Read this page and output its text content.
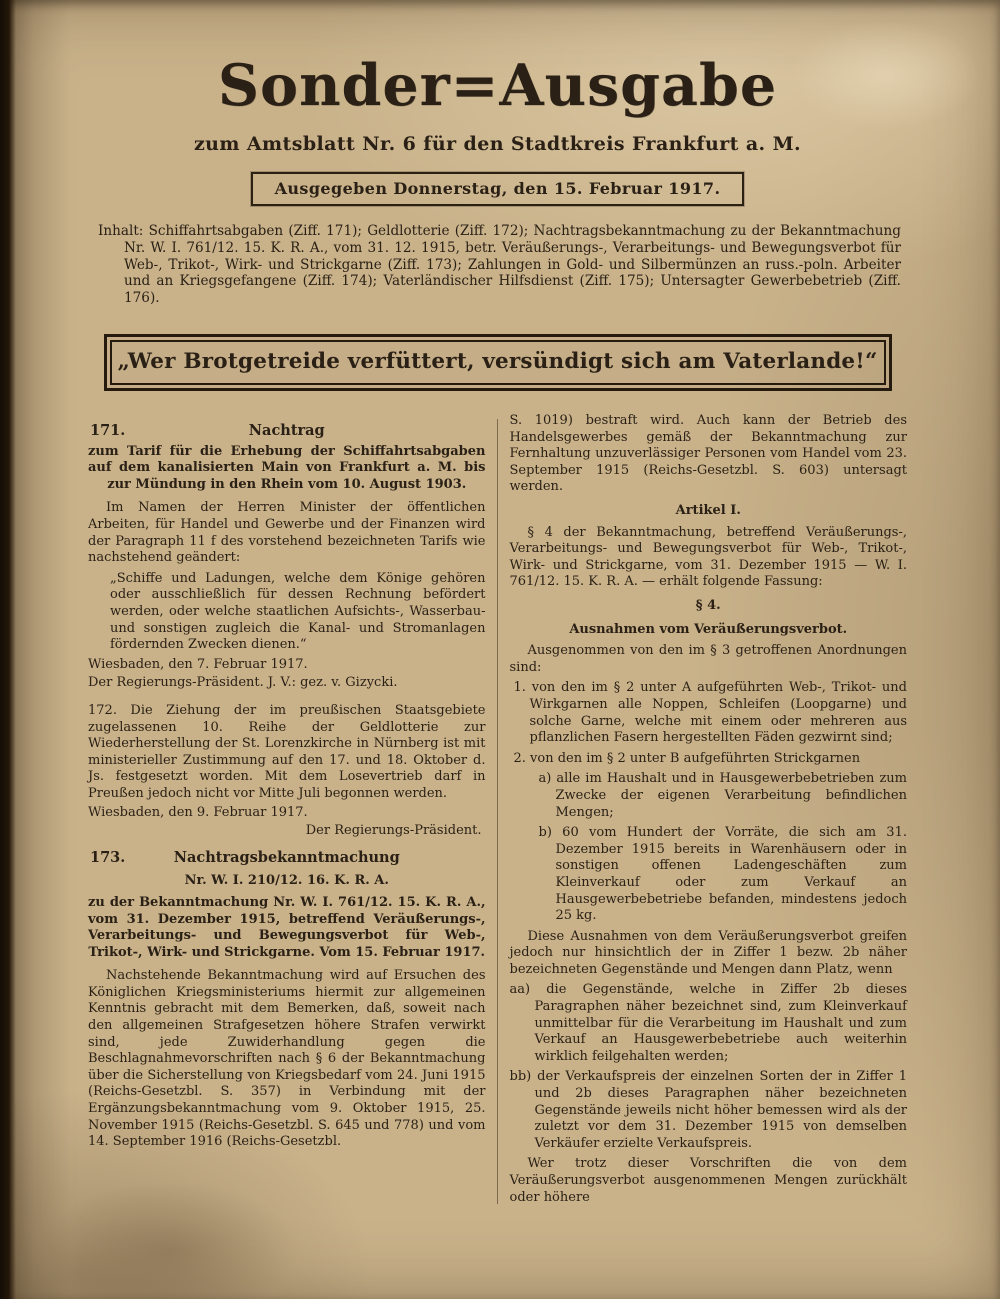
Sonder=Ausgabe
zum Amtsblatt Nr. 6 für den Stadtkreis Frankfurt a. M.
Ausgegeben Donnerstag, den 15. Februar 1917.
Inhalt: Schiffahrtsabgaben (Ziff. 171); Geldlotterie (Ziff. 172); Nachtragsbekanntmachung zu der Bekanntmachung Nr. W. I. 761/12. 15. K. R. A., vom 31. 12. 1915, betr. Veräußerungs-, Verarbeitungs- und Bewegungsverbot für Web-, Trikot-, Wirk- und Strickgarne (Ziff. 173); Zahlungen in Gold- und Silbermünzen an russ.-poln. Arbeiter und an Kriegsgefangene (Ziff. 174); Vaterländischer Hilfsdienst (Ziff. 175); Untersagter Gewerbebetrieb (Ziff. 176).
„Wer Brotgetreide verfüttert, versündigt sich am Vaterlande!“
171.	Nachtrag
zum Tarif für die Erhebung der Schiffahrtsabgaben auf dem kanalisierten Main von Frankfurt a. M. bis zur Mündung in den Rhein vom 10. August 1903.
Im Namen der Herren Minister der öffentlichen Arbeiten, für Handel und Gewerbe und der Finanzen wird der Paragraph 11 f des vorstehend bezeichneten Tarifs wie nachstehend geändert:
„Schiffe und Ladungen, welche dem Könige gehören oder ausschließlich für dessen Rechnung befördert werden, oder welche staatlichen Aufsichts-, Wasserbau- und sonstigen zugleich die Kanal- und Stromanlagen fördernden Zwecken dienen.“
Wiesbaden, den 7. Februar 1917.
Der Regierungs-Präsident. J. V.: gez. v. Gizycki.
172. Die Ziehung der im preußischen Staatsgebiete zugelassenen 10. Reihe der Geldlotterie zur Wiederherstellung der St. Lorenzkirche in Nürnberg ist mit ministerieller Zustimmung auf den 17. und 18. Oktober d. Js. festgesetzt worden. Mit dem Losevertrieb darf in Preußen jedoch nicht vor Mitte Juli begonnen werden.
Wiesbaden, den 9. Februar 1917.
Der Regierungs-Präsident.
173.	Nachtragsbekanntmachung
Nr. W. I. 210/12. 16. K. R. A.
zu der Bekanntmachung Nr. W. I. 761/12. 15. K. R. A., vom 31. Dezember 1915, betreffend Veräußerungs-, Verarbeitungs- und Bewegungsverbot für Web-, Trikot-, Wirk- und Strickgarne. Vom 15. Februar 1917.
Nachstehende Bekanntmachung wird auf Ersuchen des Königlichen Kriegsministeriums hiermit zur allgemeinen Kenntnis gebracht mit dem Bemerken, daß, soweit nach den allgemeinen Strafgesetzen höhere Strafen verwirkt sind, jede Zuwiderhandlung gegen die Beschlagnahmevorschriften nach § 6 der Bekanntmachung über die Sicherstellung von Kriegsbedarf vom 24. Juni 1915 (Reichs-Gesetzbl. S. 357) in Verbindung mit der Ergänzungsbekanntmachung vom 9. Oktober 1915, 25. November 1915 (Reichs-Gesetzbl. S. 645 und 778) und vom 14. September 1916 (Reichs-Gesetzbl.
S. 1019) bestraft wird. Auch kann der Betrieb des Handelsgewerbes gemäß der Bekanntmachung zur Fernhaltung unzuverlässiger Personen vom Handel vom 23. September 1915 (Reichs-Gesetzbl. S. 603) untersagt werden.
Artikel I.
§ 4 der Bekanntmachung, betreffend Veräußerungs-, Verarbeitungs- und Bewegungsverbot für Web-, Trikot-, Wirk- und Strickgarne, vom 31. Dezember 1915 — W. I. 761/12. 15. K. R. A. — erhält folgende Fassung:
§ 4.
Ausnahmen vom Veräußerungsverbot.
Ausgenommen von den im § 3 getroffenen Anordnungen sind:
1. von den im § 2 unter A aufgeführten Web-, Trikot- und Wirkgarnen alle Noppen, Schleifen (Loopgarne) und solche Garne, welche mit einem oder mehreren aus pflanzlichen Fasern hergestellten Fäden gezwirnt sind;
2. von den im § 2 unter B aufgeführten Strickgarnen
a) alle im Haushalt und in Hausgewerbebetrieben zum Zwecke der eigenen Verarbeitung befindlichen Mengen;
b) 60 vom Hundert der Vorräte, die sich am 31. Dezember 1915 bereits in Warenhäusern oder in sonstigen offenen Ladengeschäften zum Kleinverkauf oder zum Verkauf an Hausgewerbebetriebe befanden, mindestens jedoch 25 kg.
Diese Ausnahmen von dem Veräußerungsverbot greifen jedoch nur hinsichtlich der in Ziffer 1 bezw. 2b näher bezeichneten Gegenstände und Mengen dann Platz, wenn
aa) die Gegenstände, welche in Ziffer 2b dieses Paragraphen näher bezeichnet sind, zum Kleinverkauf unmittelbar für die Verarbeitung im Haushalt und zum Verkauf an Hausgewerbebetriebe auch weiterhin wirklich feilgehalten werden;
bb) der Verkaufspreis der einzelnen Sorten der in Ziffer 1 und 2b dieses Paragraphen näher bezeichneten Gegenstände jeweils nicht höher bemessen wird als der zuletzt vor dem 31. Dezember 1915 von demselben Verkäufer erzielte Verkaufspreis.
Wer trotz dieser Vorschriften die von dem Veräußerungsverbot ausgenommenen Mengen zurückhält oder höhere
